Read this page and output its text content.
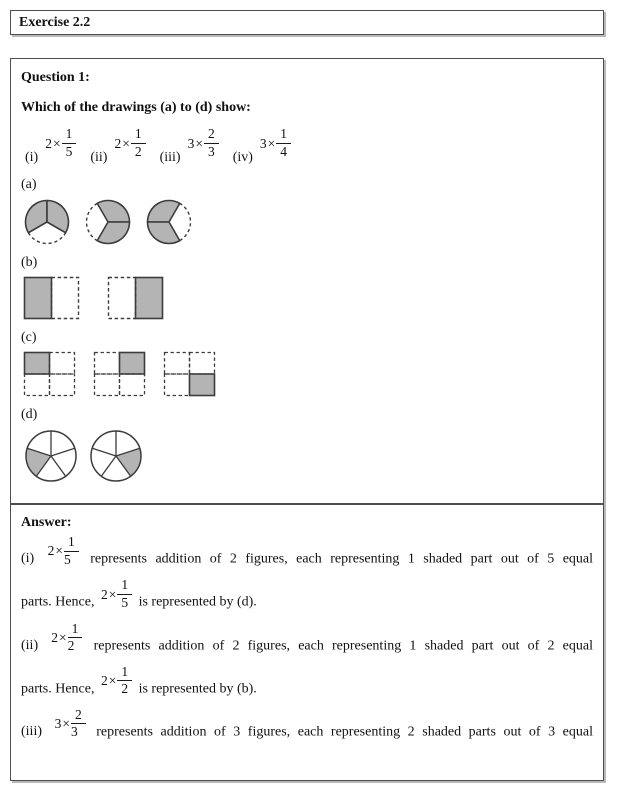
Exercise 2.2
Question 1:
Which of the drawings (a) to (d) show:
(i)
$2\times \frac{1}{5} (ii)$
$2\times \frac{1}{2} (iii)$
$3\times \frac{2}{3} (iv)$
$3\times \frac{1}{4}$
(a)
(b)
(c)
(d)
Answer:
(i) $2\times \frac{1}{5}$ represents addition of 2 figures, each representing 1 shaded part out of 5 equal
parts. Hence, $2\times \frac{1}{5}$ is represented by (d).
(ii) $2\times \frac{1}{2}$ represents addition of 2 figures, each representing 1 shaded part out of 2 equal
parts. Hence, $2\times \frac{1}{2}$ is represented by (b).
(iii) $3\times \frac{2}{3}$ represents addition of 3 figures, each representing 2 shaded parts out of 3 equal
